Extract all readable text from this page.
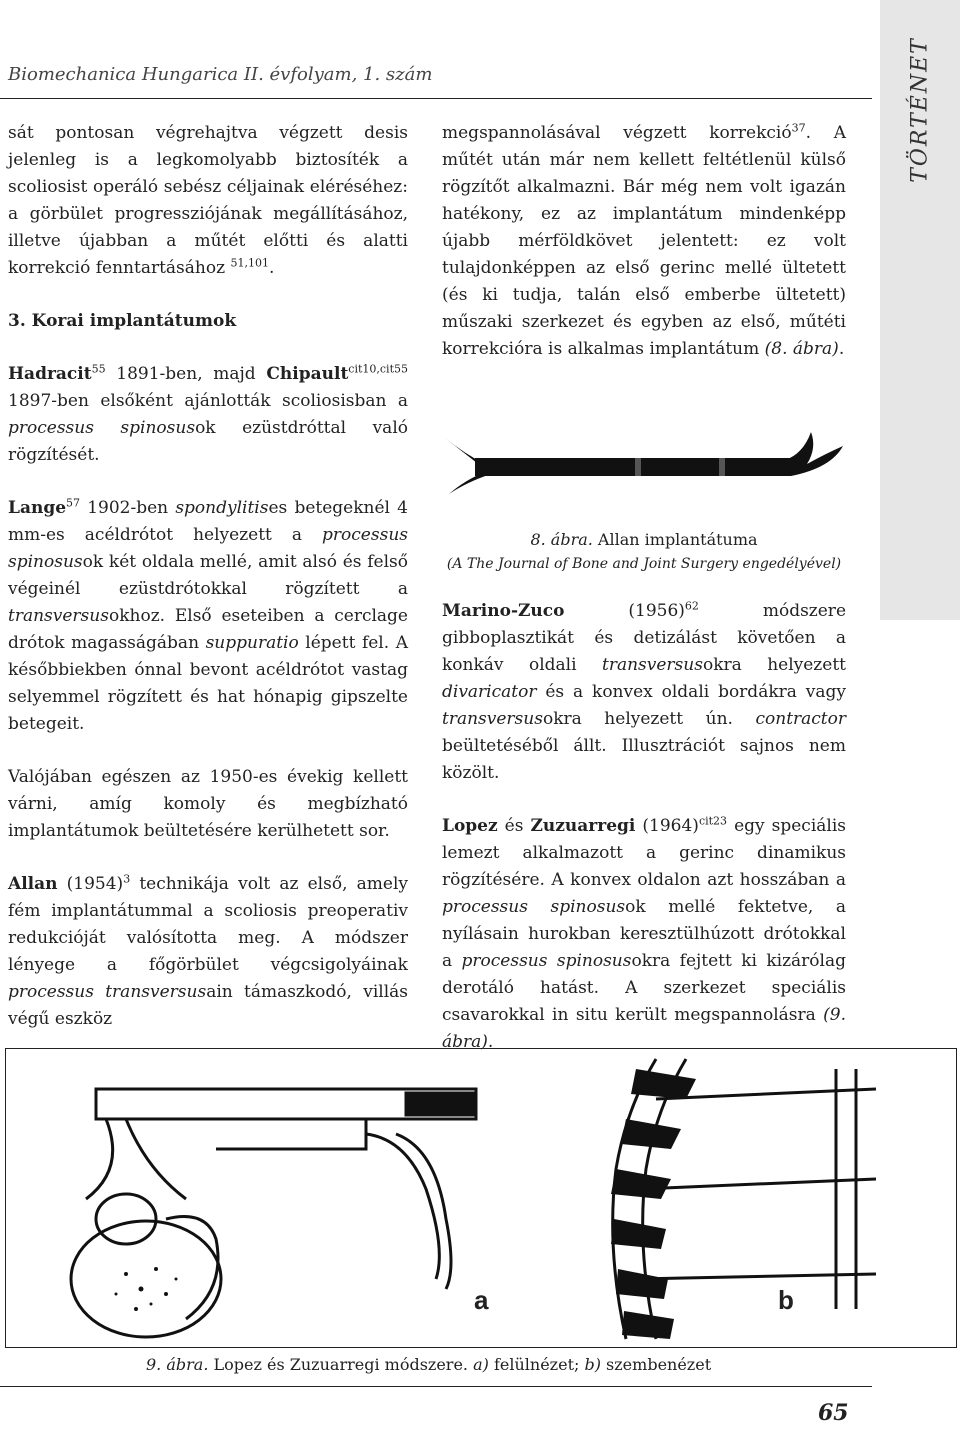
Biomechanica Hungarica II. évfolyam, 1. szám	TÖRTÉNET

sát pontosan végrehajtva végzett desis jelenleg is a legkomolyabb biztosíték a scoliosist operáló sebész céljainak eléréséhez: a görbület progressziójának megállításához, illetve újabban a műtét előtti és alatti korrekció fenntartásához $^{51,101}$.

3. Korai implantátumok

Hadracit$^{55}$ 1891-ben, majd Chipault$^{cit10,cit55}$ 1897-ben elsőként ajánlották scoliosisban a processus spinosusok ezüstdróttal való rögzítését.

Lange$^{57}$ 1902-ben spondylitises betegeknél 4 mm-es acéldrótot helyezett a processus spinosusok két oldala mellé, amit alsó és felső végeinél ezüstdrótokkal rögzített a transversusokhoz. Első eseteiben a cerclage drótok magasságában suppuratio lépett fel. A későbbiekben ónnal bevont acéldrótot vastag selyemmel rögzített és hat hónapig gipszelte betegeit.

Valójában egészen az 1950-es évekig kellett várni, amíg komoly és megbízható implantátumok beültetésére kerülhetett sor.

Allan $(1954)^3$ technikája volt az első, amely fém implantátummal a scoliosis preoperativ redukcióját valósította meg. A módszer lényege a főgörbület végcsigolyáinak processus transversusain támaszkodó, villás végű eszköz

megspannolásával végzett korrekció$^{37}$. A műtét után már nem kellett feltétlenül külső rögzítőt alkalmazni. Bár még nem volt igazán hatékony, ez az implantátum mindenképp újabb mérföldkövet jelentett: ez volt tulajdonképpen az első gerinc mellé ültetett (és ki tudja, talán első emberbe ültetett) műszaki szerkezet és egyben az első, műtéti korrekcióra is alkalmas implantátum (8. ábra).

8. ábra. Allan implantátuma
(A The Journal of Bone and Joint Surgery engedélyével)

Marino-Zuco $(1956)^{62}$ módszere gibboplasztikát és detizálást követően a konkáv oldali transversusokra helyezett divaricator és a konvex oldali bordákra vagy transversusokra helyezett ún. contractor beültetéséből állt. Illusztrációt sajnos nem közölt.

Lopez és Zuzuarregi $(1964)^{cit23}$ egy speciális lemezt alkalmazott a gerinc dinamikus rögzítésére. A konvex oldalon azt hosszában a processus spinosusok mellé fektetve, a nyílásain hurokban keresztülhúzott drótokkal a processus spinosusokra fejtett ki kizárólag derotáló hatást. A szerkezet speciális csavarokkal in situ került megspannolásra (9. ábra).

a	b
9. ábra. Lopez és Zuzuarregi módszere. a) felülnézet; b) szembenézet
65
